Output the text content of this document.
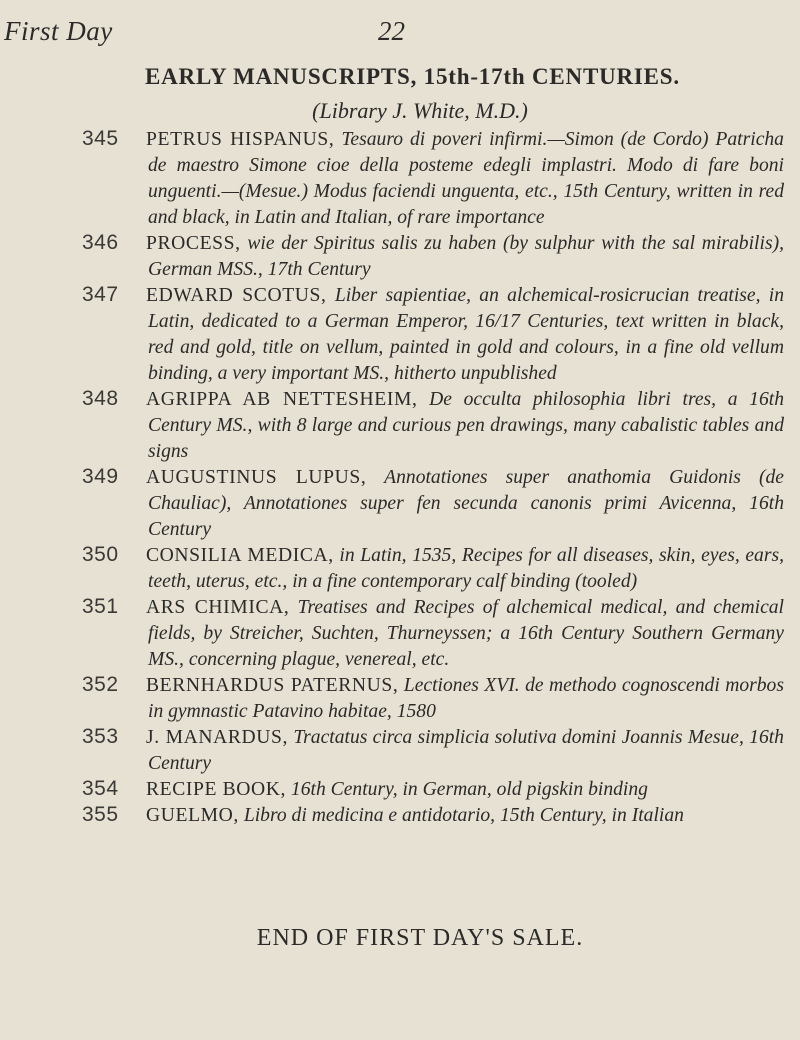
First Day	22
EARLY MANUSCRIPTS, 15th-17th CENTURIES.
(Library J. White, M.D.)
345	PETRUS HISPANUS, Tesauro di poveri infirmi.—Simon (de Cordo) Patricha de maestro Simone cioe della posteme edegli implastri. Modo di fare boni unguenti.—(Mesue.) Modus faciendi unguenta, etc., 15th Century, written in red and black, in Latin and Italian, of rare importance
346	PROCESS, wie der Spiritus salis zu haben (by sulphur with the sal mirabilis), German MSS., 17th Century
347	EDWARD SCOTUS, Liber sapientiae, an alchemical-rosicrucian treatise, in Latin, dedicated to a German Emperor, 16/17 Centuries, text written in black, red and gold, title on vellum, painted in gold and colours, in a fine old vellum binding, a very important MS., hitherto unpublished
348	AGRIPPA AB NETTESHEIM, De occulta philosophia libri tres, a 16th Century MS., with 8 large and curious pen drawings, many cabalistic tables and signs
349	AUGUSTINUS LUPUS, Annotationes super anathomia Guidonis (de Chauliac), Annotationes super fen secunda canonis primi Avicenna, 16th Century
350	CONSILIA MEDICA, in Latin, 1535, Recipes for all diseases, skin, eyes, ears, teeth, uterus, etc., in a fine contemporary calf binding (tooled)
351	ARS CHIMICA, Treatises and Recipes of alchemical medical, and chemical fields, by Streicher, Suchten, Thurneyssen; a 16th Century Southern Germany MS., concerning plague, venereal, etc.
352	BERNHARDUS PATERNUS, Lectiones XVI. de methodo cognoscendi morbos in gymnastic Patavino habitae, 1580
353	J. MANARDUS, Tractatus circa simplicia solutiva domini Joannis Mesue, 16th Century
354	RECIPE BOOK, 16th Century, in German, old pigskin binding
355	GUELMO, Libro di medicina e antidotario, 15th Century, in Italian
END OF FIRST DAY'S SALE.
